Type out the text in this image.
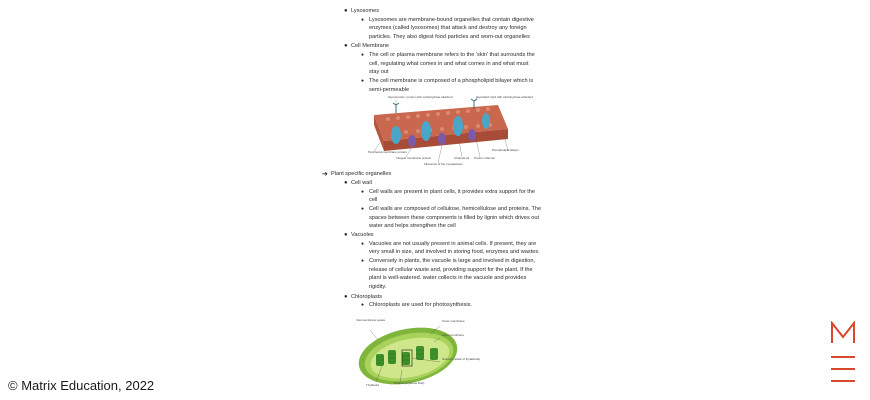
● Lysosomes
● Lysosomes are membrane-bound organelles that contain digestive
enzymes (called lysosomes) that attack and destroy any foreign
particles. They also digest food particles and worn-out organelles
● Cell Membrane
● The cell or plasma membrane refers to the 'skin' that surrounds the
cell, regulating what comes in and what comes in and what must
stay out
● The cell membrane is composed of a phospholipid bilayer which is
semi-permeable
Glycoprotein: protein with carbohydrate attached	Glycolipid: lipid with carbohydrate attached
Peripheral membrane protein
Integral membrane protein
Filaments of the cytoskeleton
Cholesterol Protein channel
Phospholipid bilayer
➔ Plant specific organelles
● Cell wall
● Cell walls are present in plant cells, it provides extra support for the
cell
● Cell walls are composed of cellulose, hemicellulose and proteins. The
spaces between these components is filled by lignin which drives out
water and helps strengthen the cell
● Vacuoles
● Vacuoles are not usually present in animal cells. If present, they are
very small in size, and involved in storing food, enzymes and wastes.
● Conversely in plants, the vacuole is large and involved in digestion,
release of cellular waste and, providing support for the plant. If the
plant is well-watered. water collects in the vacuole and provides
rigidity.
● Chloroplasts
● Chloroplasts are used for photosynthesis.
Intermembrane space	Outer membrane
Inner membrane
Granum (stack of thylakoids)
Thylakoid	Stroma (aqueous fluid)
© Matrix Education, 2022
